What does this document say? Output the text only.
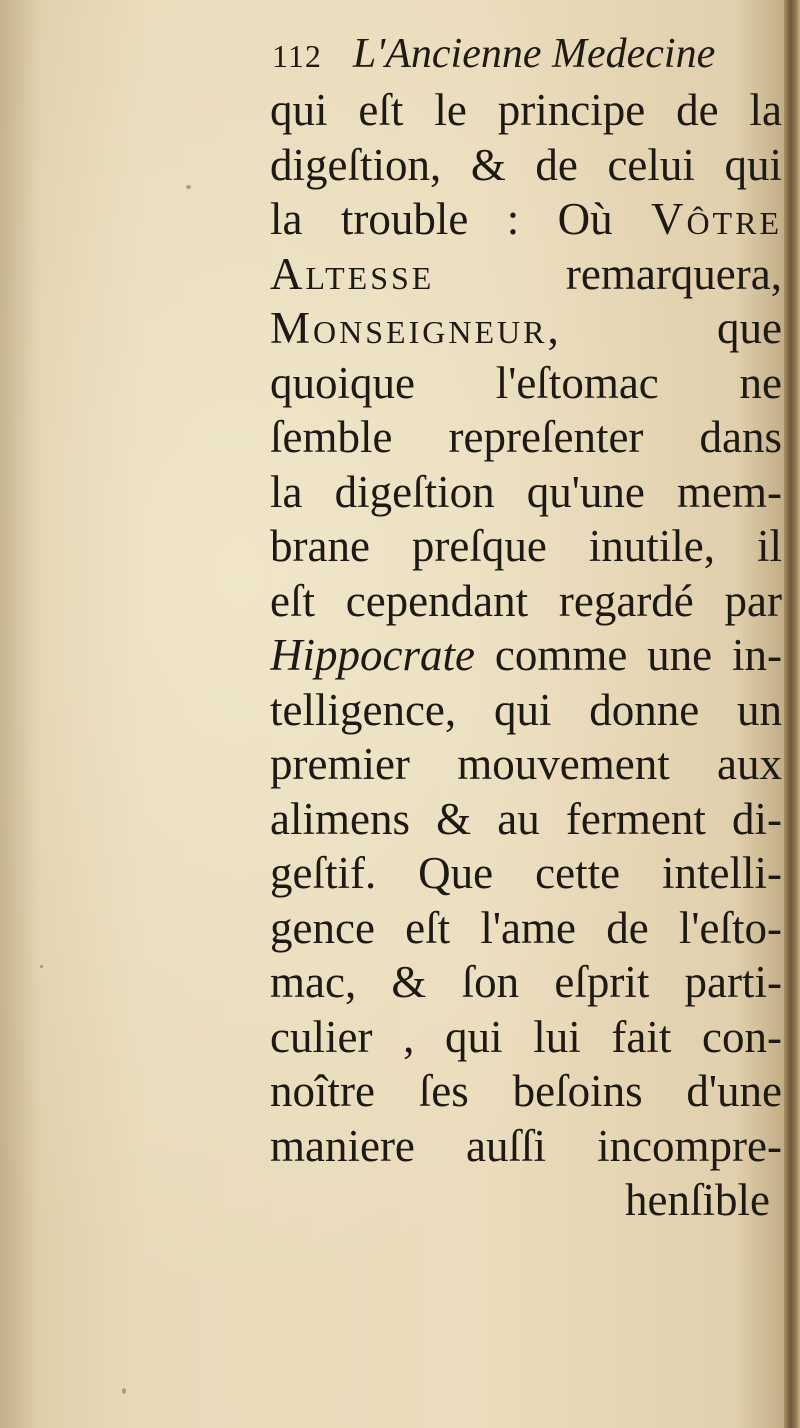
112 L'Ancienne Medecine
qui eſt le principe de la
digeſtion, & de celui qui
la trouble : Où Vôtre
Altesse	remarquera,
Monseigneur, que
quoique l'eſtomac ne
ſemble repreſenter dans
la digeſtion qu'une mem-
brane preſque inutile, il
eſt cependant regardé par
Hippocrate comme une in-
telligence, qui donne un
premier mouvement aux
alimens & au ferment di-
geſtif. Que cette intelli-
gence eſt l'ame de l'eſto-
mac, & ſon eſprit parti-
culier , qui lui fait con-
noître ſes beſoins d'une
maniere auſſi incompre-
henſible
